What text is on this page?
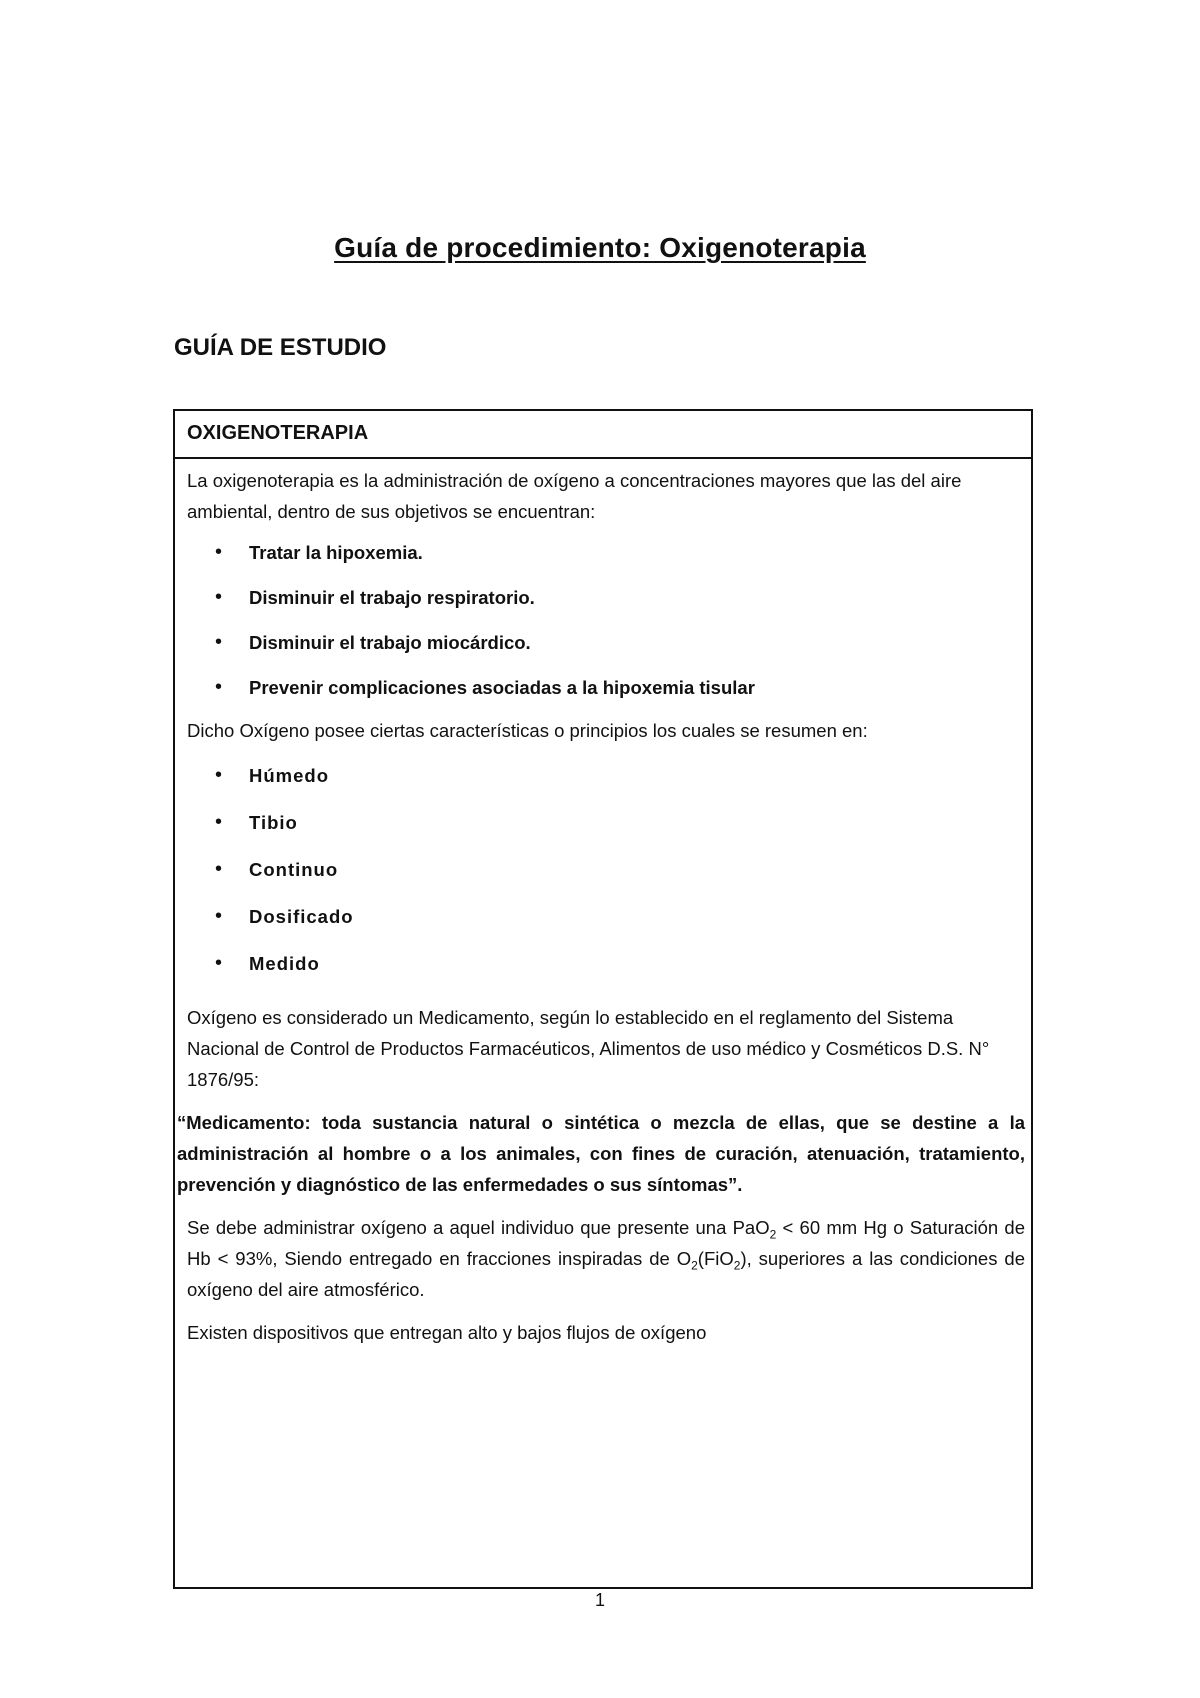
Guía de procedimiento: Oxigenoterapia
GUÍA DE ESTUDIO
OXIGENOTERAPIA

La oxigenoterapia es la administración de oxígeno a concentraciones mayores que las del aire ambiental, dentro de sus objetivos se encuentran:

• Tratar la hipoxemia.
• Disminuir el trabajo respiratorio.
• Disminuir el trabajo miocárdico.
• Prevenir complicaciones asociadas a la hipoxemia tisular

Dicho Oxígeno posee ciertas características o principios los cuales se resumen en:

• Húmedo
• Tibio
• Continuo
• Dosificado
• Medido

Oxígeno es considerado un Medicamento, según lo establecido en el reglamento del Sistema Nacional de Control de Productos Farmacéuticos, Alimentos de uso médico y Cosméticos D.S. N° 1876/95:

“Medicamento: toda sustancia natural o sintética o mezcla de ellas, que se destine a la administración al hombre o a los animales, con fines de curación, atenuación, tratamiento, prevención y diagnóstico de las enfermedades o sus síntomas”.

Se debe administrar oxígeno a aquel individuo que presente una PaO$_2$ < 60 mm Hg o Saturación de Hb < 93%, Siendo entregado en fracciones inspiradas de $O_2(FiO_2)$, superiores a las condiciones de oxígeno del aire atmosférico.

Existen dispositivos que entregan alto y bajos flujos de oxígeno

1
